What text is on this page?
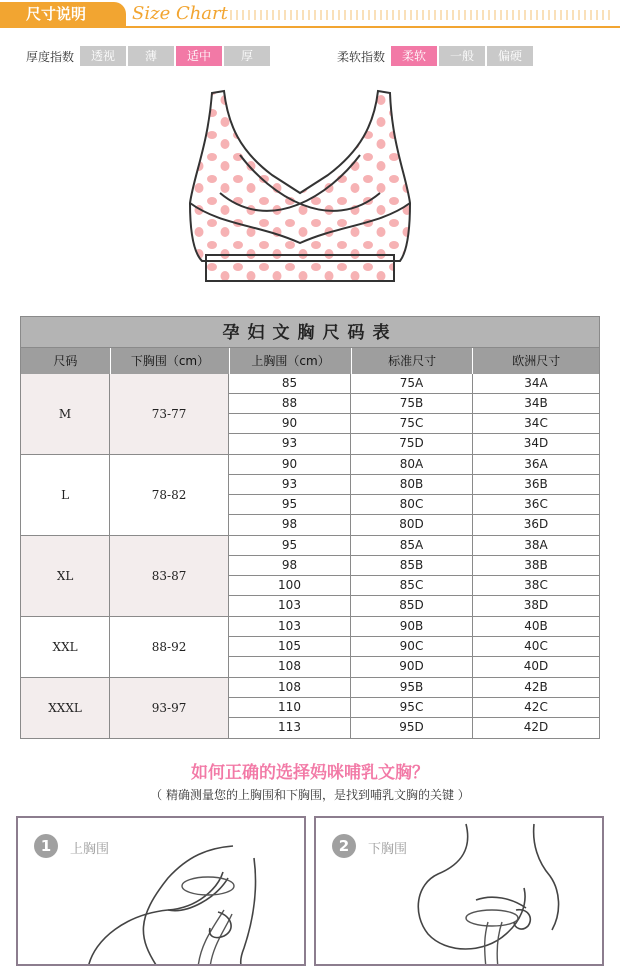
尺寸说明	Size Chart
厚度指数	透视	薄	适中	厚	柔软指数	柔软	一般	偏硬
孕妇文胸尺码表
尺码	下胸围（cm）	上胸围（cm）	标准尺寸	欧洲尺寸
M	73-77
85	75A	34A
88	75B	34B
90	75C	34C
93	75D	34D
L	78-82
90	80A	36A
93	80B	36B
95	80C	36C
98	80D	36D
XL	83-87
95	85A	38A
98	85B	38B
100	85C	38C
103	85D	38D
XXL	88-92
103	90B	40B
105	90C	40C
108	90D	40D
XXXL	93-97
108	95B	42B
110	95C	42C
113	95D	42D
如何正确的选择妈咪哺乳文胸？
（ 精确测量您的上胸围和下胸围，是找到哺乳文胸的关键 ）
1	上胸围	2	下胸围
